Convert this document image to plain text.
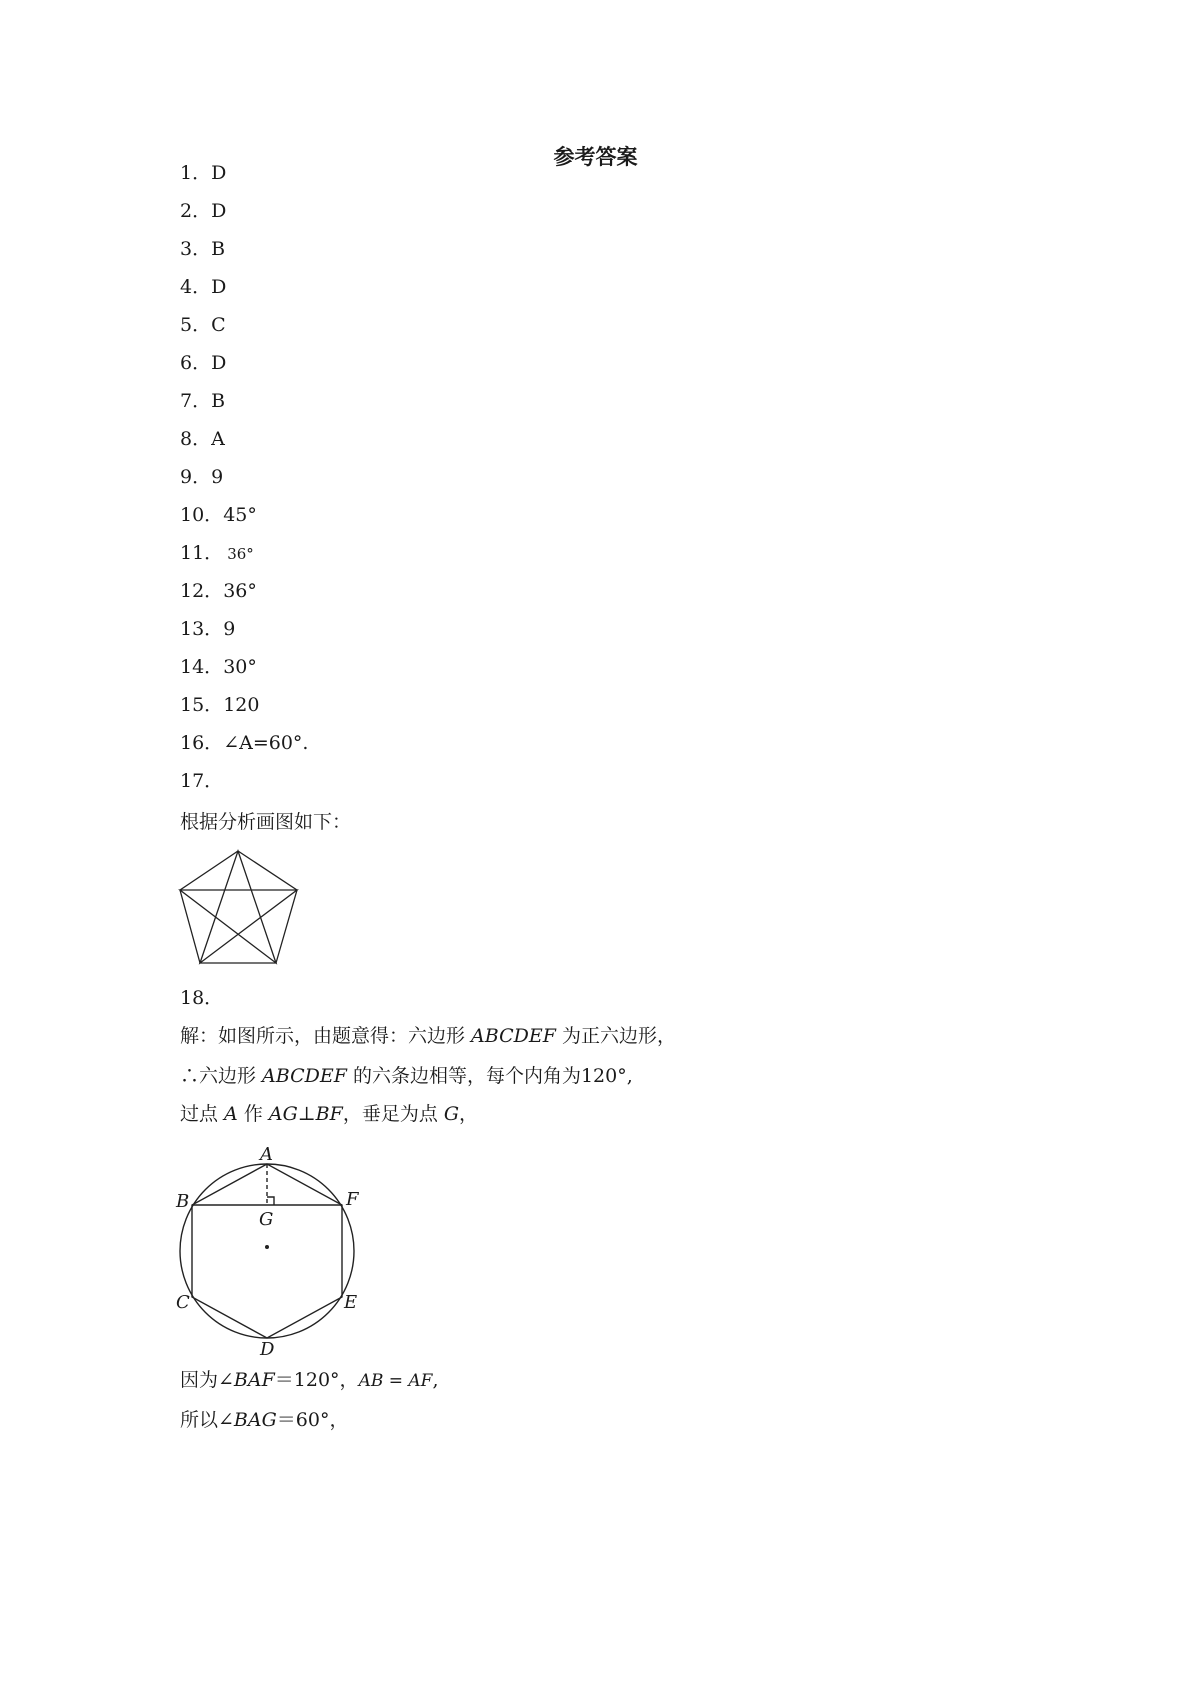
参考答案
1．D
2．D
3．B
4．D
5．C
6．D
7．B
8．A
9．9
10．45°
11． 36°
12．36°
13．9
14．30°
15．120
16．∠A=60°.
17．
根据分析画图如下：
18．
解：如图所示，由题意得：六边形 ABCDEF 为正六边形，
∴六边形 ABCDEF 的六条边相等，每个内角为120°,
过点 A 作 AG⊥BF，垂足为点 G，
A
B	F
G
C	E
D
因为∠BAF＝120°，AB = AF,
所以∠BAG＝60°，
